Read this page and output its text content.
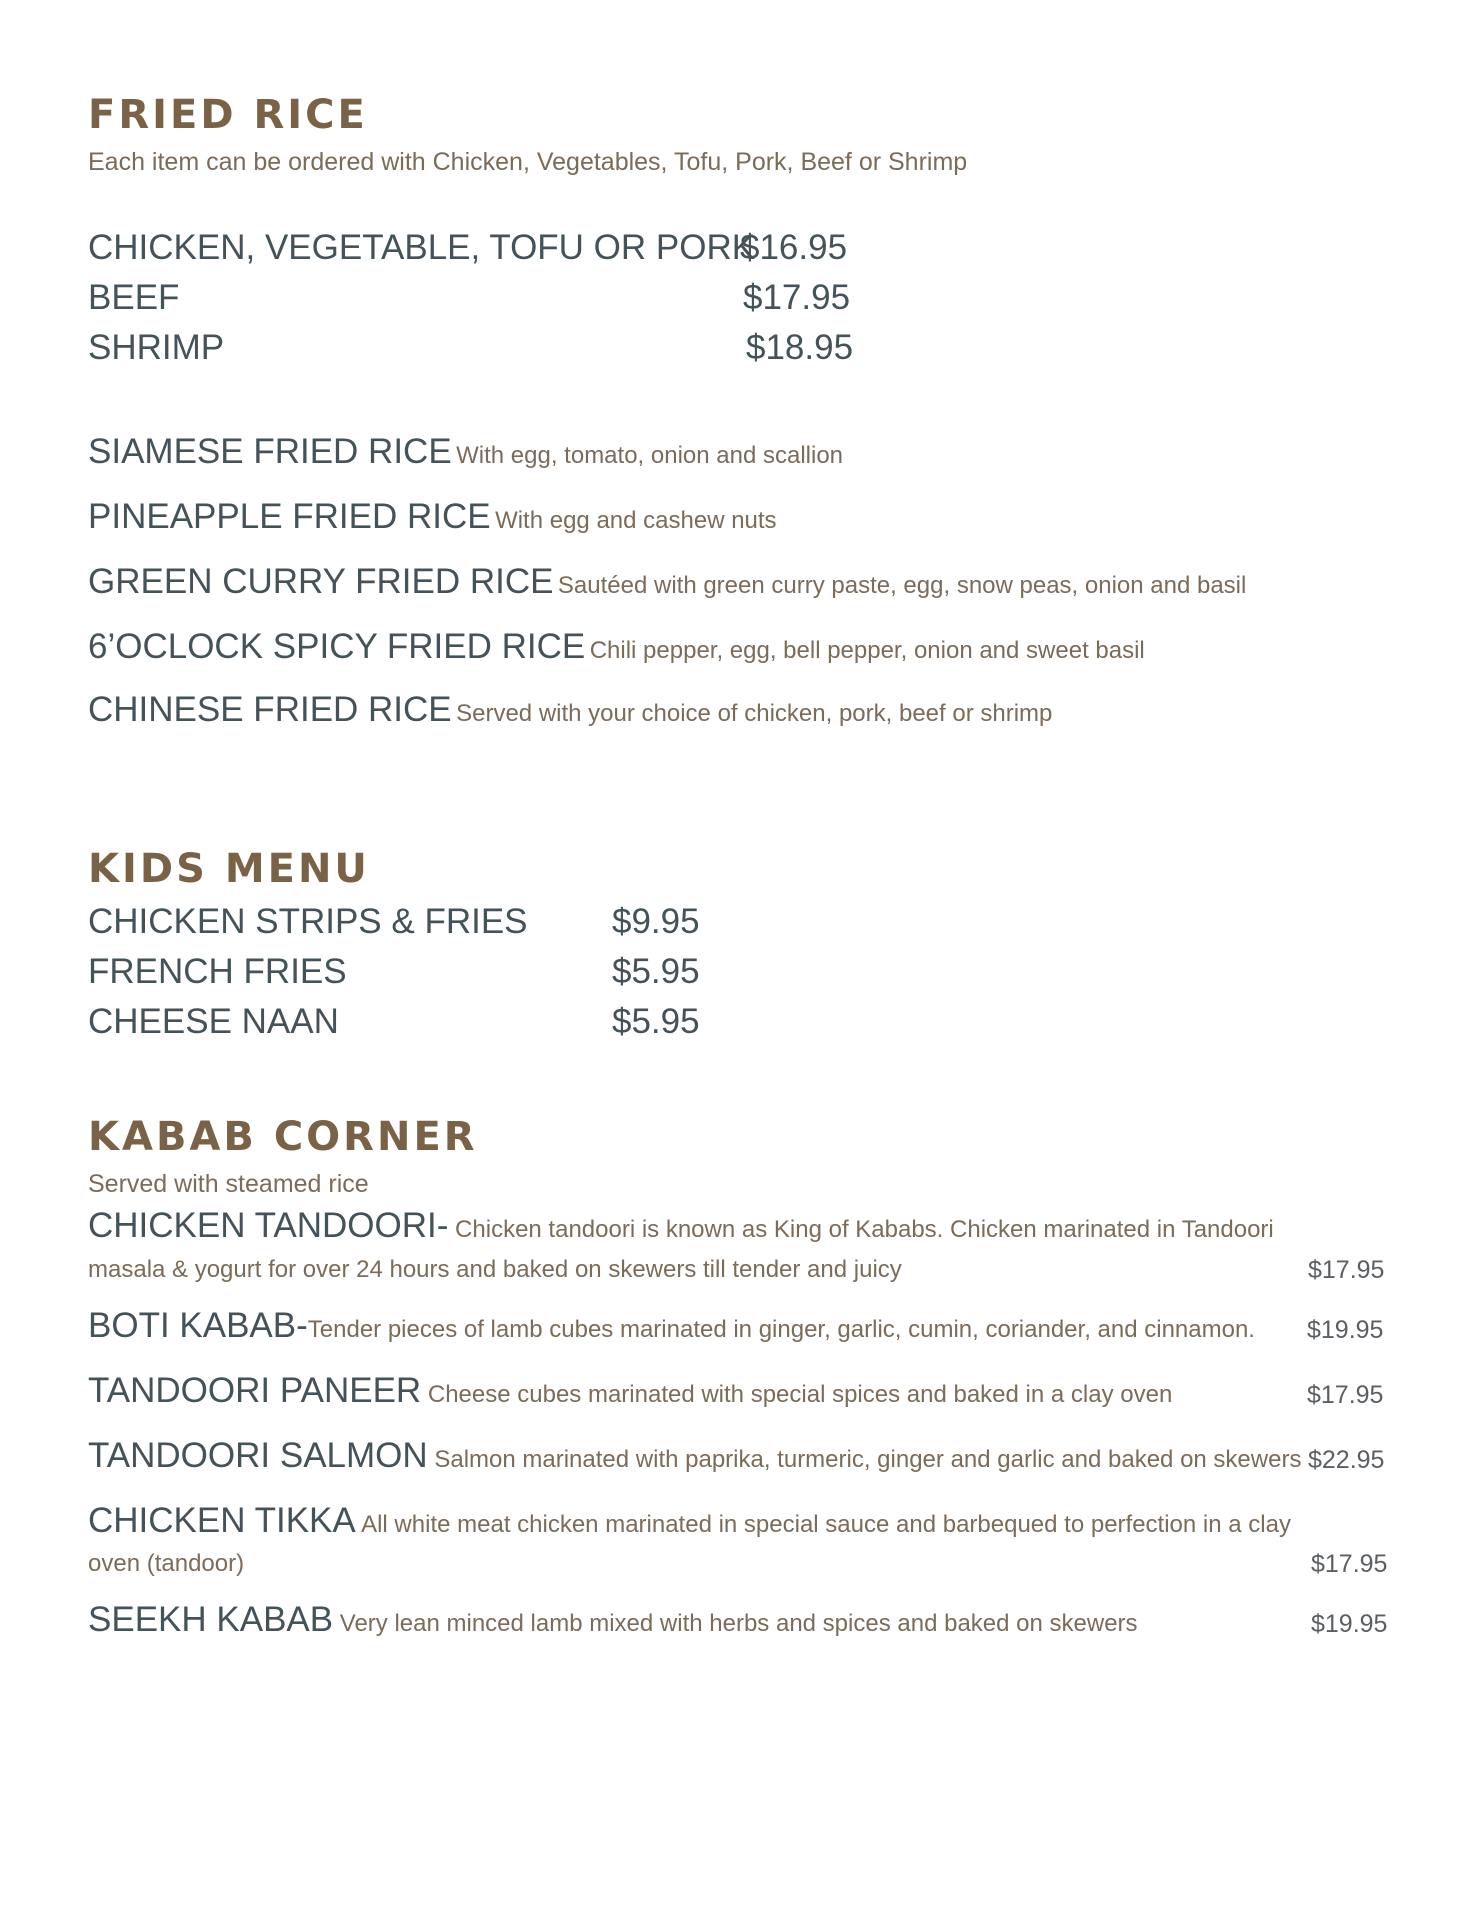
FRIED RICE
Each item can be ordered with Chicken, Vegetables, Tofu, Pork, Beef or Shrimp
CHICKEN, VEGETABLE, TOFU OR PORK
$16.95
BEEF	$17.95
SHRIMP	$18.95
SIAMESE FRIED RICE With egg, tomato, onion and scallion
PINEAPPLE FRIED RICE With egg and cashew nuts
GREEN CURRY FRIED RICE Sautéed with green curry paste, egg, snow peas, onion and basil
6’OCLOCK SPICY FRIED RICE Chili pepper, egg, bell pepper, onion and sweet basil
CHINESE FRIED RICE Served with your choice of chicken, pork, beef or shrimp
KIDS MENU
CHICKEN STRIPS & FRIES $9.95
FRENCH FRIES	$5.95
CHEESE NAAN	$5.95
KABAB CORNER
Served with steamed rice
CHICKEN TANDOORI- Chicken tandoori is known as King of Kababs. Chicken marinated in Tandoori
masala & yogurt for over 24 hours and baked on skewers till tender and juicy	$17.95
BOTI KABAB-Tender pieces of lamb cubes marinated in ginger, garlic, cumin, coriander, and cinnamon. $19.95
TANDOORI PANEER Cheese cubes marinated with special spices and baked in a clay oven	$17.95
TANDOORI SALMON Salmon marinated with paprika, turmeric, ginger and garlic and baked on skewers $22.95
CHICKEN TIKKA All white meat chicken marinated in special sauce and barbequed to perfection in a clay
oven (tandoor)	$17.95
SEEKH KABAB Very lean minced lamb mixed with herbs and spices and baked on skewers	$19.95
